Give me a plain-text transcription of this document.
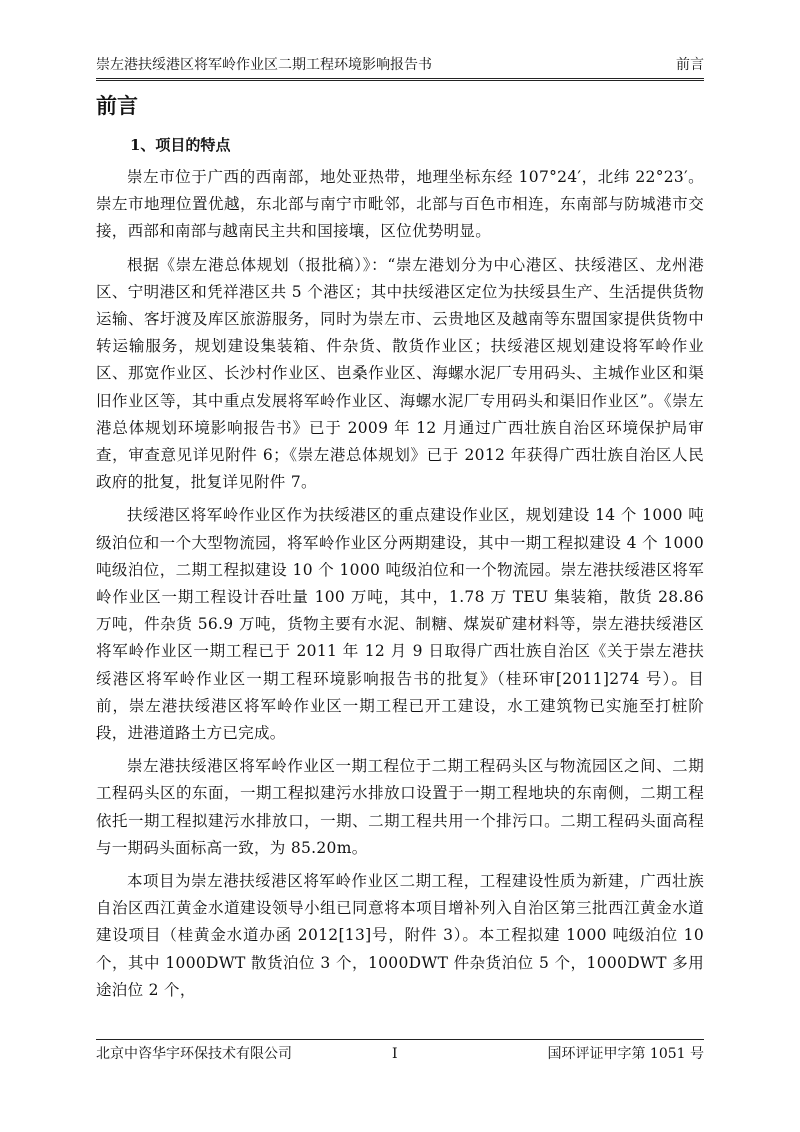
崇左港扶绥港区将军岭作业区二期工程环境影响报告书	前言
前言
1、项目的特点

崇左市位于广西的西南部，地处亚热带，地理坐标东经 107°24′，北纬 22°23′。崇左市地理位置优越，东北部与南宁市毗邻，北部与百色市相连，东南部与防城港市交接，西部和南部与越南民主共和国接壤，区位优势明显。

根据《崇左港总体规划（报批稿）》：“崇左港划分为中心港区、扶绥港区、龙州港区、宁明港区和凭祥港区共 5 个港区；其中扶绥港区定位为扶绥县生产、生活提供货物运输、客圩渡及库区旅游服务，同时为崇左市、云贵地区及越南等东盟国家提供货物中转运输服务，规划建设集装箱、件杂货、散货作业区；扶绥港区规划建设将军岭作业区、那宽作业区、长沙村作业区、岜桑作业区、海螺水泥厂专用码头、主城作业区和渠旧作业区等，其中重点发展将军岭作业区、海螺水泥厂专用码头和渠旧作业区”。《崇左港总体规划环境影响报告书》已于 2009 年 12 月通过广西壮族自治区环境保护局审查，审查意见详见附件 6；《崇左港总体规划》已于 2012 年获得广西壮族自治区人民政府的批复，批复详见附件 7。

扶绥港区将军岭作业区作为扶绥港区的重点建设作业区，规划建设 14 个 1000 吨级泊位和一个大型物流园，将军岭作业区分两期建设，其中一期工程拟建设 4 个 1000 吨级泊位，二期工程拟建设 10 个 1000 吨级泊位和一个物流园。崇左港扶绥港区将军岭作业区一期工程设计吞吐量 100 万吨，其中，1.78 万 TEU 集装箱，散货 28.86 万吨，件杂货 56.9 万吨，货物主要有水泥、制糖、煤炭矿建材料等，崇左港扶绥港区将军岭作业区一期工程已于 2011 年 12 月 9 日取得广西壮族自治区《关于崇左港扶绥港区将军岭作业区一期工程环境影响报告书的批复》（桂环审[2011]274 号）。目前，崇左港扶绥港区将军岭作业区一期工程已开工建设，水工建筑物已实施至打桩阶段，进港道路土方已完成。

崇左港扶绥港区将军岭作业区一期工程位于二期工程码头区与物流园区之间、二期工程码头区的东面，一期工程拟建污水排放口设置于一期工程地块的东南侧，二期工程依托一期工程拟建污水排放口，一期、二期工程共用一个排污口。二期工程码头面高程与一期码头面标高一致，为 85.20m。

本项目为崇左港扶绥港区将军岭作业区二期工程，工程建设性质为新建，广西壮族自治区西江黄金水道建设领导小组已同意将本项目增补列入自治区第三批西江黄金水道建设项目（桂黄金水道办函 2012[13]号，附件 3）。本工程拟建 1000 吨级泊位 10 个，其中 1000DWT 散货泊位 3 个，1000DWT 件杂货泊位 5 个，1000DWT 多用途泊位 2 个，

北京中咨华宇环保技术有限公司	I	国环评证甲字第 1051 号
